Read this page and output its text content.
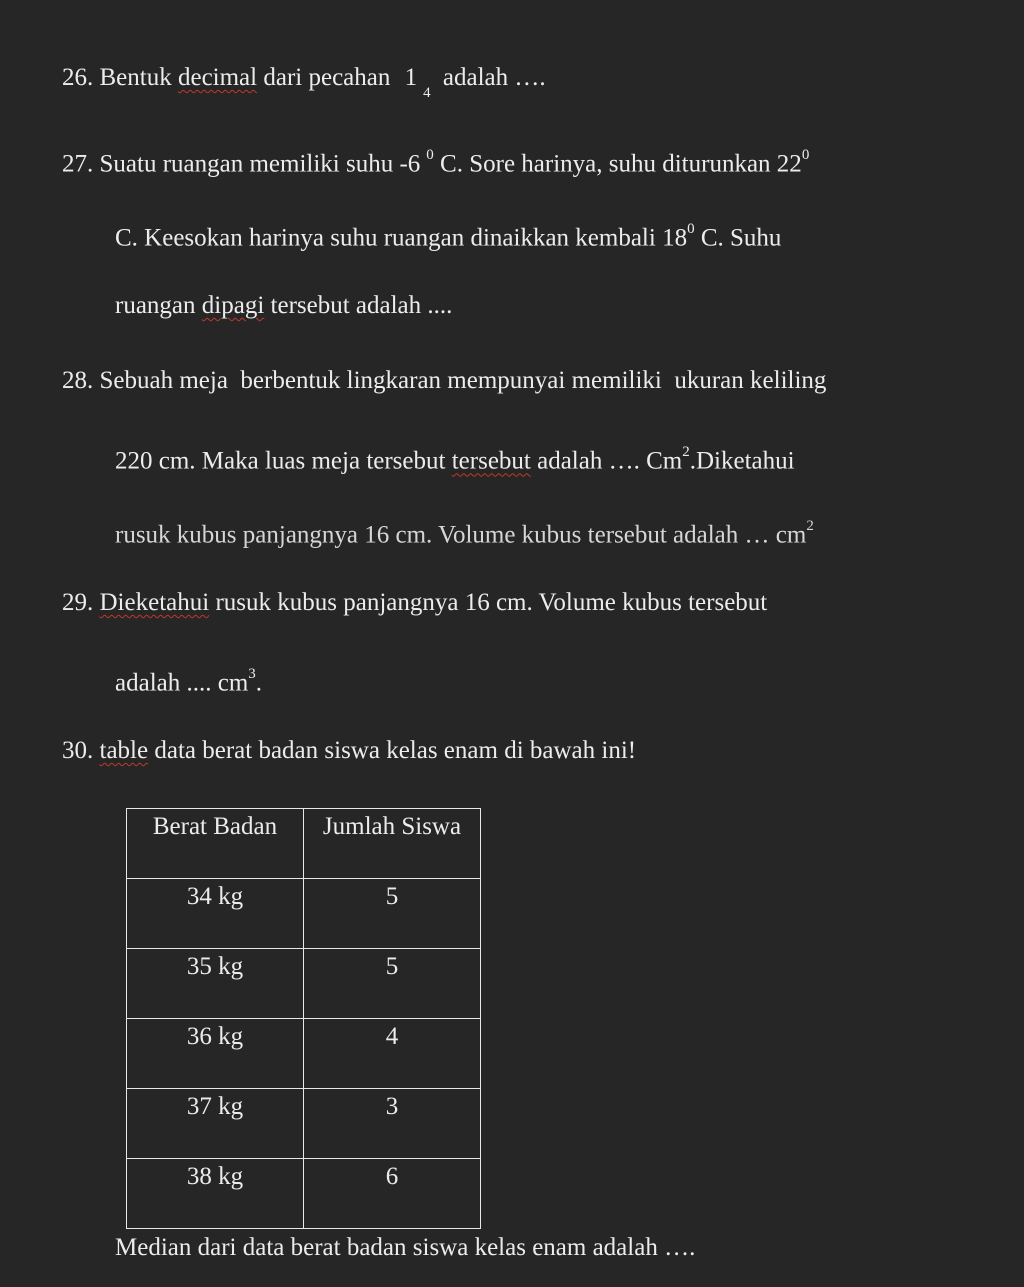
26. Bentuk decimal dari pecahan $1_4$ adalah ….
27. Suatu ruangan memiliki suhu -6 $^0$ C. Sore harinya, suhu diturunkan $22^0$
C. Keesokan harinya suhu ruangan dinaikkan kembali $18^0$ C. Suhu
ruangan dipagi tersebut adalah ....
28. Sebuah meja  berbentuk lingkaran mempunyai memiliki  ukuran keliling
220 cm. Maka luas meja tersebut tersebut adalah …. Cm$^2$.Diketahui
rusuk kubus panjangnya 16 cm. Volume kubus tersebut adalah … $cm^2$
29. Dieketahui rusuk kubus panjangnya 16 cm. Volume kubus tersebut
adalah .... $cm^3$.
30. table data berat badan siswa kelas enam di bawah ini!
Berat Badan	Jumlah Siswa
34 kg	5
35 kg	5
36 kg	4
37 kg	3
38 kg	6
Median dari data berat badan siswa kelas enam adalah ….
